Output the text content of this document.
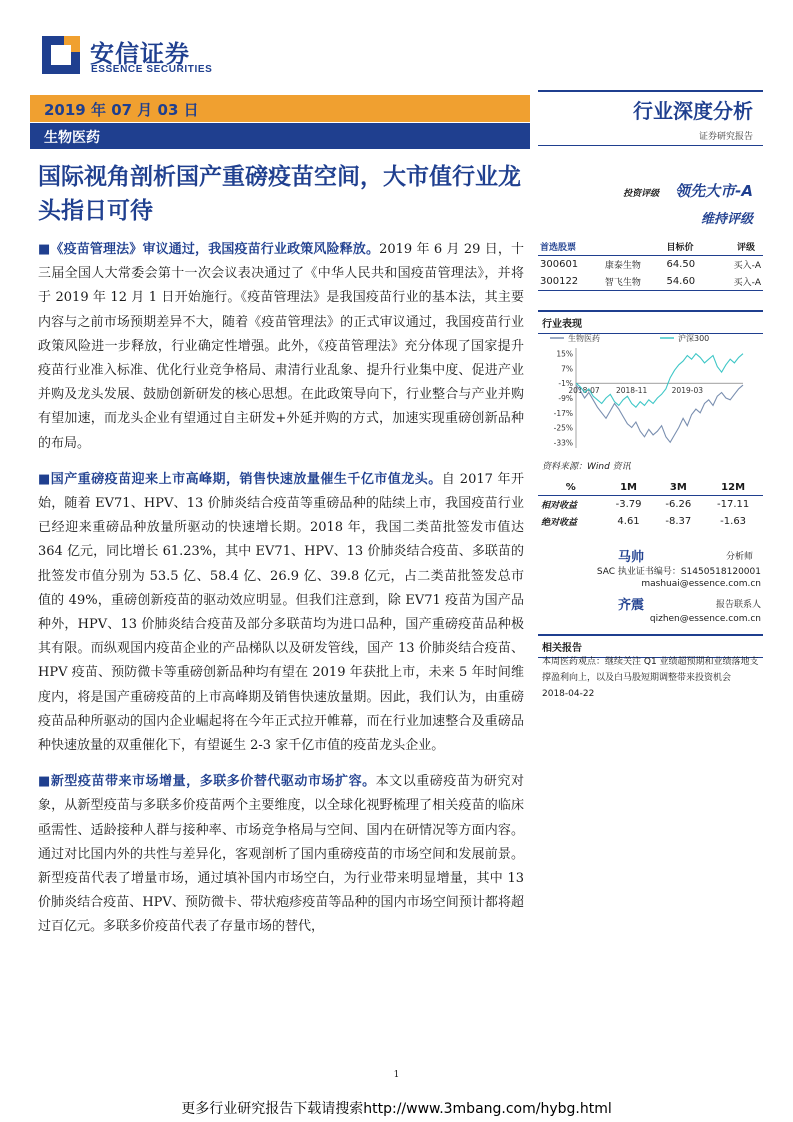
安信证券
ESSENCE SECURITIES
2019 年 07 月 03 日
生物医药
行业深度分析
证券研究报告
国际视角剖析国产重磅疫苗空间，大市值行业龙头指日可待

■《疫苗管理法》审议通过，我国疫苗行业政策风险释放。2019 年 6 月 29 日，十三届全国人大常委会第十一次会议表决通过了《中华人民共和国疫苗管理法》，并将于 2019 年 12 月 1 日开始施行。《疫苗管理法》是我国疫苗行业的基本法，其主要内容与之前市场预期差异不大，随着《疫苗管理法》的正式审议通过，我国疫苗行业政策风险进一步释放，行业确定性增强。此外，《疫苗管理法》充分体现了国家提升疫苗行业准入标准、优化行业竞争格局、肃清行业乱象、提升行业集中度、促进产业并购及龙头发展、鼓励创新研发的核心思想。在此政策导向下，行业整合与产业并购有望加速，而龙头企业有望通过自主研发+外延并购的方式，加速实现重磅创新品种的布局。

■国产重磅疫苗迎来上市高峰期，销售快速放量催生千亿市值龙头。自 2017 年开始，随着 EV71、HPV、13 价肺炎结合疫苗等重磅品种的陆续上市，我国疫苗行业已经迎来重磅品种放量所驱动的快速增长期。2018 年，我国二类苗批签发市值达 364 亿元，同比增长 61.23%，其中 EV71、HPV、13 价肺炎结合疫苗、多联苗的批签发市值分别为 53.5 亿、58.4 亿、26.9 亿、39.8 亿元，占二类苗批签发总市值的 49%，重磅创新疫苗的驱动效应明显。但我们注意到，除 EV71 疫苗为国产品种外，HPV、13 价肺炎结合疫苗及部分多联苗均为进口品种，国产重磅疫苗品种极其有限。而纵观国内疫苗企业的产品梯队以及研发管线，国产 13 价肺炎结合疫苗、HPV 疫苗、预防微卡等重磅创新品种均有望在 2019 年获批上市，未来 5 年时间维度内，将是国产重磅疫苗的上市高峰期及销售快速放量期。因此，我们认为，由重磅疫苗品种所驱动的国内企业崛起将在今年正式拉开帷幕，而在行业加速整合及重磅品种快速放量的双重催化下，有望诞生 2-3 家千亿市值的疫苗龙头企业。

■新型疫苗带来市场增量，多联多价替代驱动市场扩容。本文以重磅疫苗为研究对象，从新型疫苗与多联多价疫苗两个主要维度，以全球化视野梳理了相关疫苗的临床亟需性、适龄接种人群与接种率、市场竞争格局与空间、国内在研情况等方面内容。通过对比国内外的共性与差异化，客观剖析了国内重磅疫苗的市场空间和发展前景。新型疫苗代表了增量市场，通过填补国内市场空白，为行业带来明显增量，其中 13 价肺炎结合疫苗、HPV、预防微卡、带状疱疹疫苗等品种的国内市场空间预计都将超过百亿元。多联多价疫苗代表了存量市场的替代，

投资评级 领先大市-A
维持评级
首选股票		目标价	评级
300601	康泰生物	64.50	买入-A
300122	智飞生物	54.60	买入-A
行业表现
生物医药	沪深300
15%
7%
-1%
-9%
-17%
-25%
-33%
2018-07 2018-11	2019-03
资料来源：Wind 资讯
%	1M	3M	12M
相对收益	-3.79	-6.26	-17.11
绝对收益	4.61	-8.37	-1.63
马帅	分析师
SAC 执业证书编号：S1450518120001
mashuai@essence.com.cn
齐震	报告联系人
qizhen@essence.com.cn
相关报告
本周医药观点：继续关注 Q1 业绩超预期和业绩落地支撑盈利向上，以及白马股短期调整带来投资机会 2018-04-22
1
更多行业研究报告下载请搜索http://www.3mbang.com/hybg.html
